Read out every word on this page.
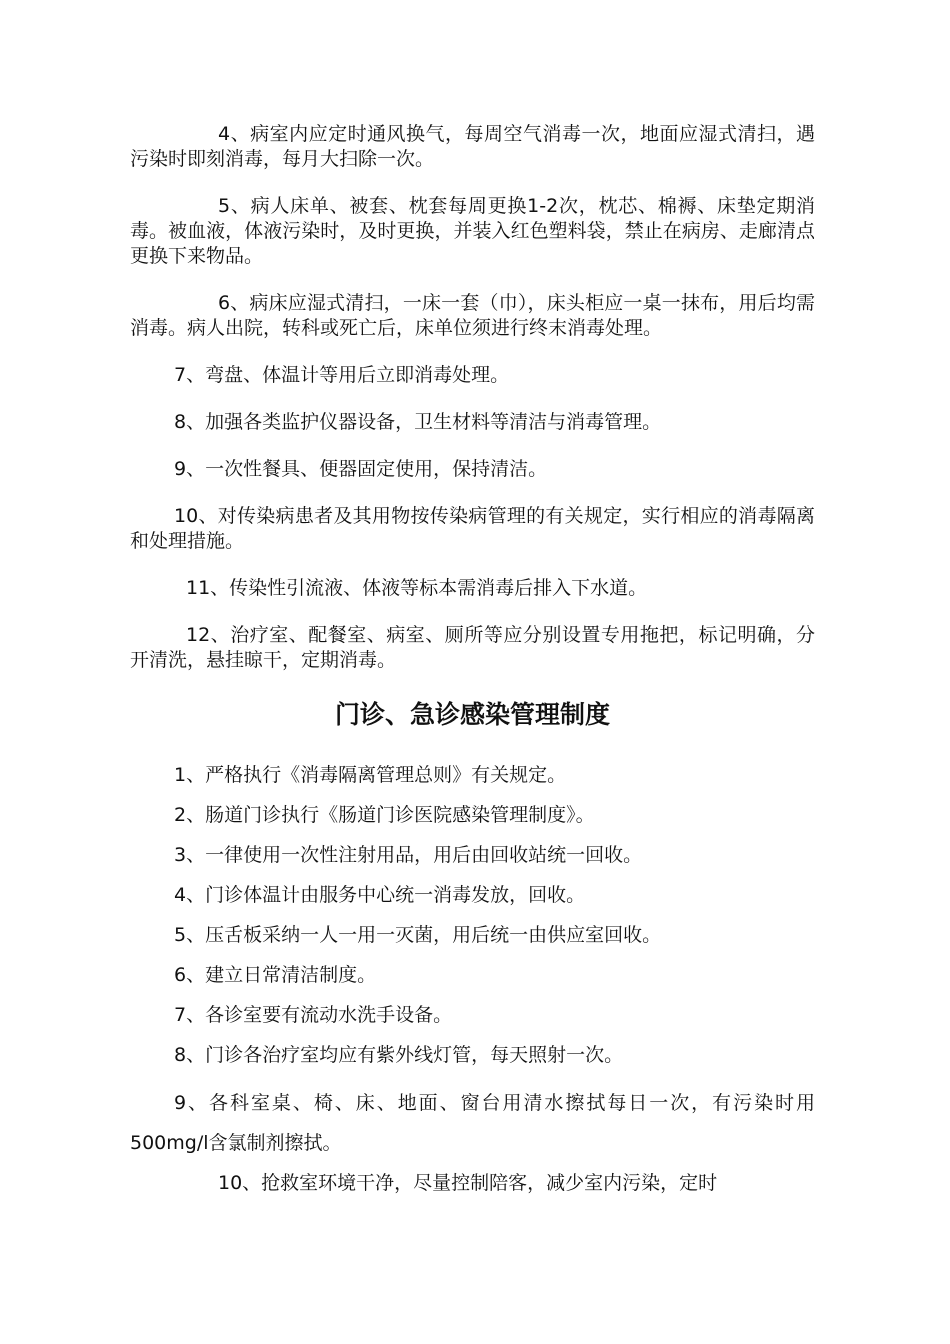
4、病室内应定时通风换气，每周空气消毒一次，地面应湿式清扫，遇污染时即刻消毒，每月大扫除一次。

5、病人床单、被套、枕套每周更换1-2次，枕芯、棉褥、床垫定期消毒。被血液，体液污染时，及时更换，并装入红色塑料袋，禁止在病房、走廊清点更换下来物品。

6、病床应湿式清扫，一床一套（巾），床头柜应一桌一抹布，用后均需消毒。病人出院，转科或死亡后，床单位须进行终末消毒处理。

7、弯盘、体温计等用后立即消毒处理。

8、加强各类监护仪器设备，卫生材料等清洁与消毒管理。

9、一次性餐具、便器固定使用，保持清洁。

10、对传染病患者及其用物按传染病管理的有关规定，实行相应的消毒隔离和处理措施。

11、传染性引流液、体液等标本需消毒后排入下水道。

12、治疗室、配餐室、病室、厕所等应分别设置专用拖把，标记明确，分开清洗，悬挂晾干，定期消毒。

门诊、急诊感染管理制度

1、严格执行《消毒隔离管理总则》有关规定。

2、肠道门诊执行《肠道门诊医院感染管理制度》。

3、一律使用一次性注射用品，用后由回收站统一回收。

4、门诊体温计由服务中心统一消毒发放，回收。

5、压舌板采纳一人一用一灭菌，用后统一由供应室回收。

6、建立日常清洁制度。

7、各诊室要有流动水洗手设备。

8、门诊各治疗室均应有紫外线灯管，每天照射一次。

9、各科室桌、椅、床、地面、窗台用清水擦拭每日一次，有污染时用500mg/l含氯制剂擦拭。

10、抢救室环境干净，尽量控制陪客，减少室内污染，定时
